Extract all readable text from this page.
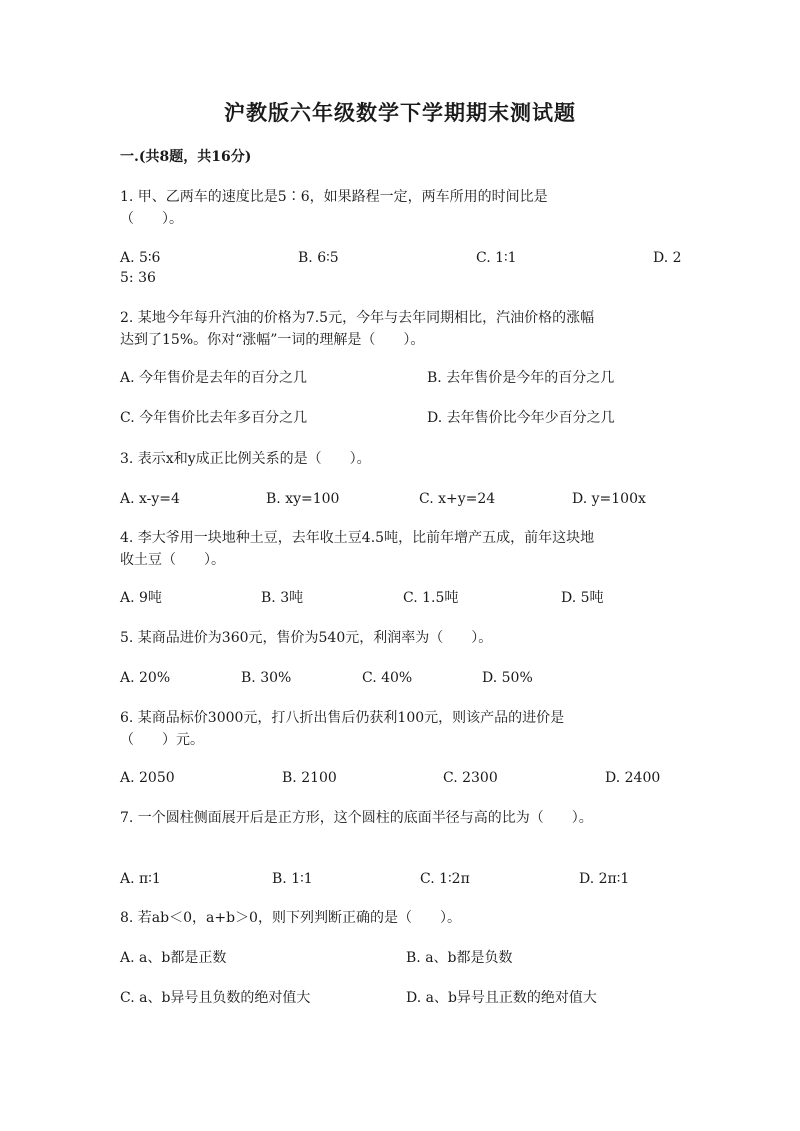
沪教版六年级数学下学期期末测试题
一.(共8题，共16分)
1. 甲、乙两车的速度比是5∶6，如果路程一定，两车所用的时间比是
（　　）。
A. 5∶6	B. 6∶5	C. 1∶1	D. 2
5: 36
2. 某地今年每升汽油的价格为7.5元，今年与去年同期相比，汽油价格的涨幅
达到了15%。你对“涨幅”一词的理解是（　　）。
A. 今年售价是去年的百分之几	B. 去年售价是今年的百分之几
C. 今年售价比去年多百分之几	D. 去年售价比今年少百分之几
3. 表示x和y成正比例关系的是（　　）。
A. x-y=4	B. xy=100	C. x+y=24	D. y=100x
4. 李大爷用一块地种土豆，去年收土豆4.5吨，比前年增产五成，前年这块地
收土豆（　　）。
A. 9吨	B. 3吨	C. 1.5吨	D. 5吨
5. 某商品进价为360元，售价为540元，利润率为（　　）。
A. 20%	B. 30%	C. 40%	D. 50%
6. 某商品标价3000元，打八折出售后仍获利100元，则该产品的进价是
（　　）元。
A. 2050	B. 2100	C. 2300	D. 2400
7. 一个圆柱侧面展开后是正方形，这个圆柱的底面半径与高的比为（　　）。
A. π∶1	B. 1∶1	C. 1∶2π	D. 2π∶1
8. 若ab＜0，a+b＞0，则下列判断正确的是（　　）。
A. a、b都是正数	B. a、b都是负数
C. a、b异号且负数的绝对值大	D. a、b异号且正数的绝对值大
